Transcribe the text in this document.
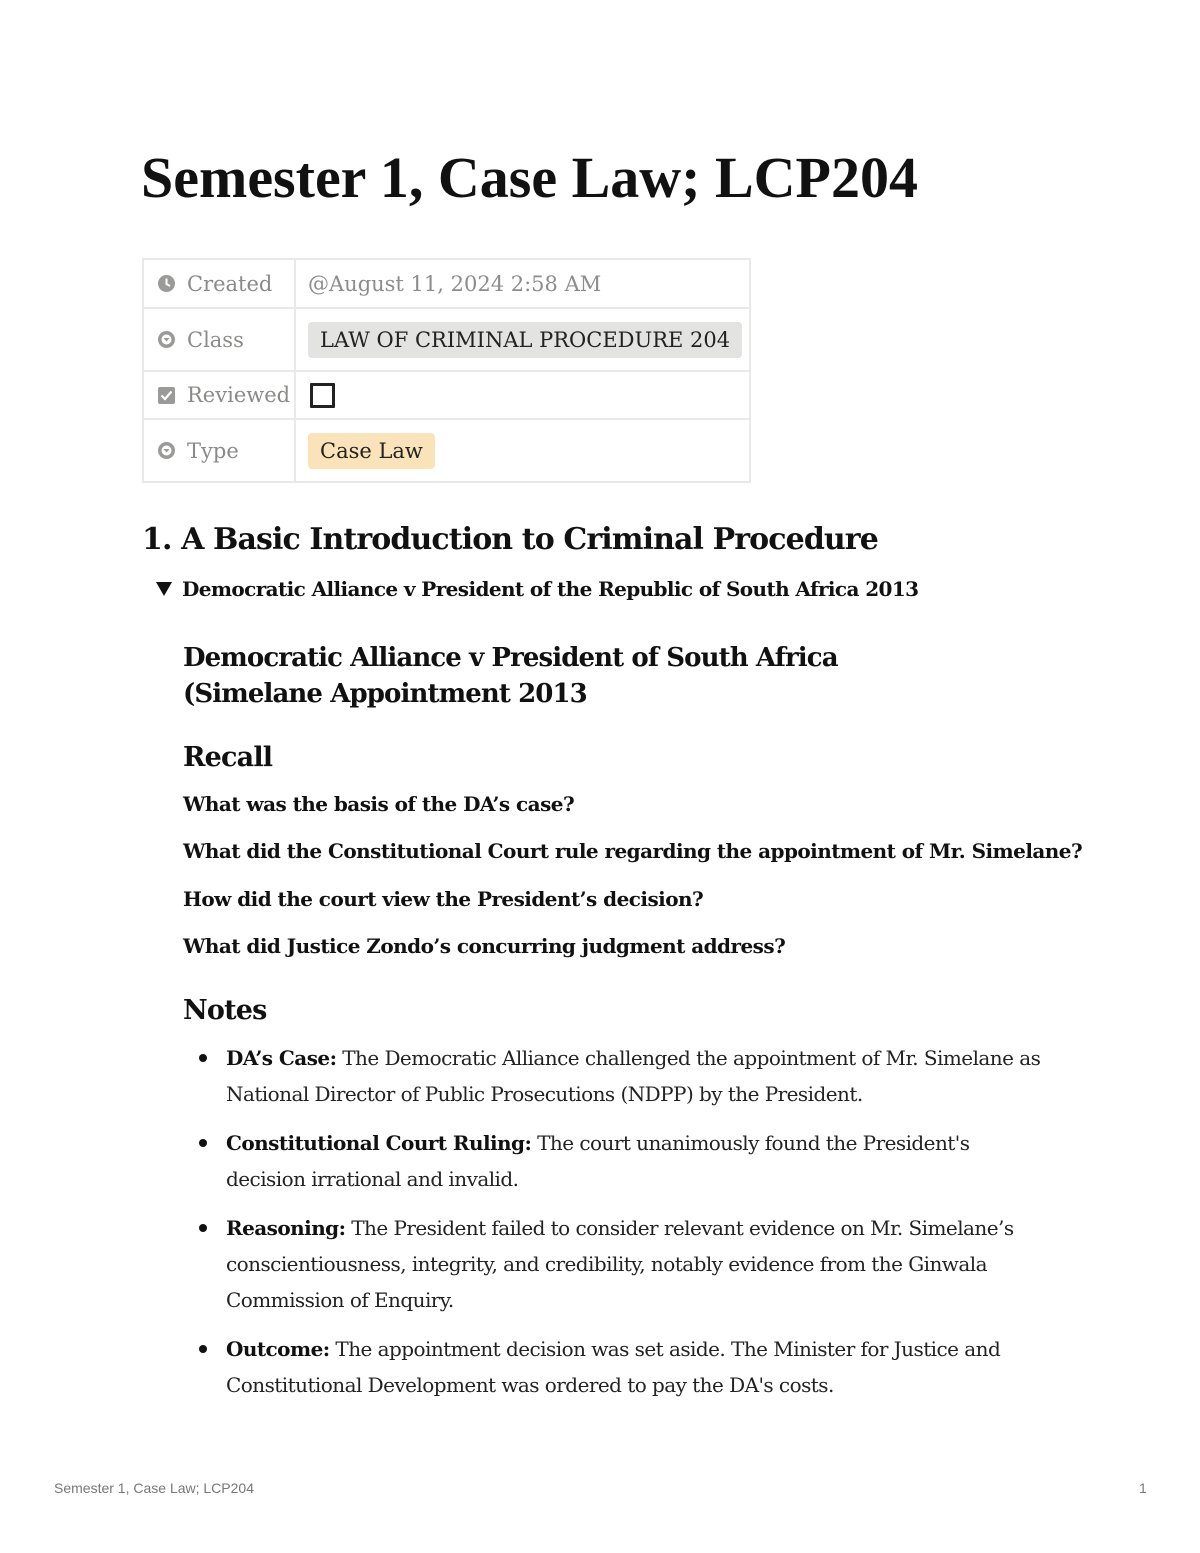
Semester 1, Case Law; LCP204
Created	@August 11, 2024 2:58 AM

Class	LAW OF CRIMINAL PROCEDURE 204

Reviewed	

Type	Case Law
1. A Basic Introduction to Criminal Procedure
Democratic Alliance v President of the Republic of South Africa 2013
Democratic Alliance v President of South Africa (Simelane Appointment 2013
Recall

What was the basis of the DA’s case?

What did the Constitutional Court rule regarding the appointment of Mr. Simelane?

How did the court view the President’s decision?

What did Justice Zondo’s concurring judgment address?

Notes
DA’s Case: The Democratic Alliance challenged the appointment of Mr. Simelane as National Director of Public Prosecutions (NDPP) by the President.
Constitutional Court Ruling: The court unanimously found the President's decision irrational and invalid.
Reasoning: The President failed to consider relevant evidence on Mr. Simelane’s conscientiousness, integrity, and credibility, notably evidence from the Ginwala Commission of Enquiry.
Outcome: The appointment decision was set aside. The Minister for Justice and Constitutional Development was ordered to pay the DA's costs.
Semester 1, Case Law; LCP204	1
